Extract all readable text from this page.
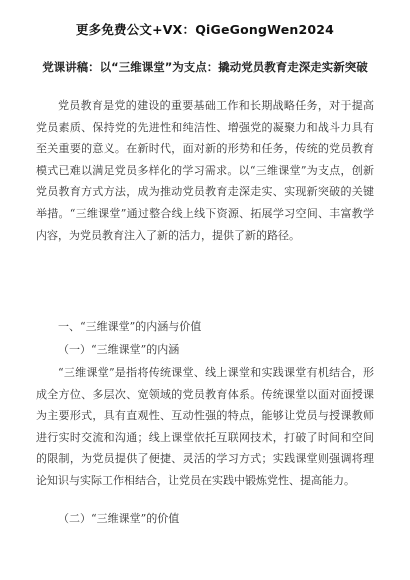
更多免费公文+VX：QiGeGongWen2024
党课讲稿：以“三维课堂”为支点：撬动党员教育走深走实新突破

党员教育是党的建设的重要基础工作和长期战略任务，对于提高党员素质、保持党的先进性和纯洁性、增强党的凝聚力和战斗力具有至关重要的意义。在新时代，面对新的形势和任务，传统的党员教育模式已难以满足党员多样化的学习需求。以“三维课堂”为支点，创新党员教育方式方法，成为推动党员教育走深走实、实现新突破的关键举措。“三维课堂”通过整合线上线下资源、拓展学习空间、丰富教学内容，为党员教育注入了新的活力，提供了新的路径。

一、“三维课堂”的内涵与价值

（一）“三维课堂”的内涵

“三维课堂”是指将传统课堂、线上课堂和实践课堂有机结合，形成全方位、多层次、宽领域的党员教育体系。传统课堂以面对面授课为主要形式，具有直观性、互动性强的特点，能够让党员与授课教师进行实时交流和沟通；线上课堂依托互联网技术，打破了时间和空间的限制，为党员提供了便捷、灵活的学习方式；实践课堂则强调将理论知识与实际工作相结合，让党员在实践中锻炼党性、提高能力。

（二）“三维课堂”的价值
